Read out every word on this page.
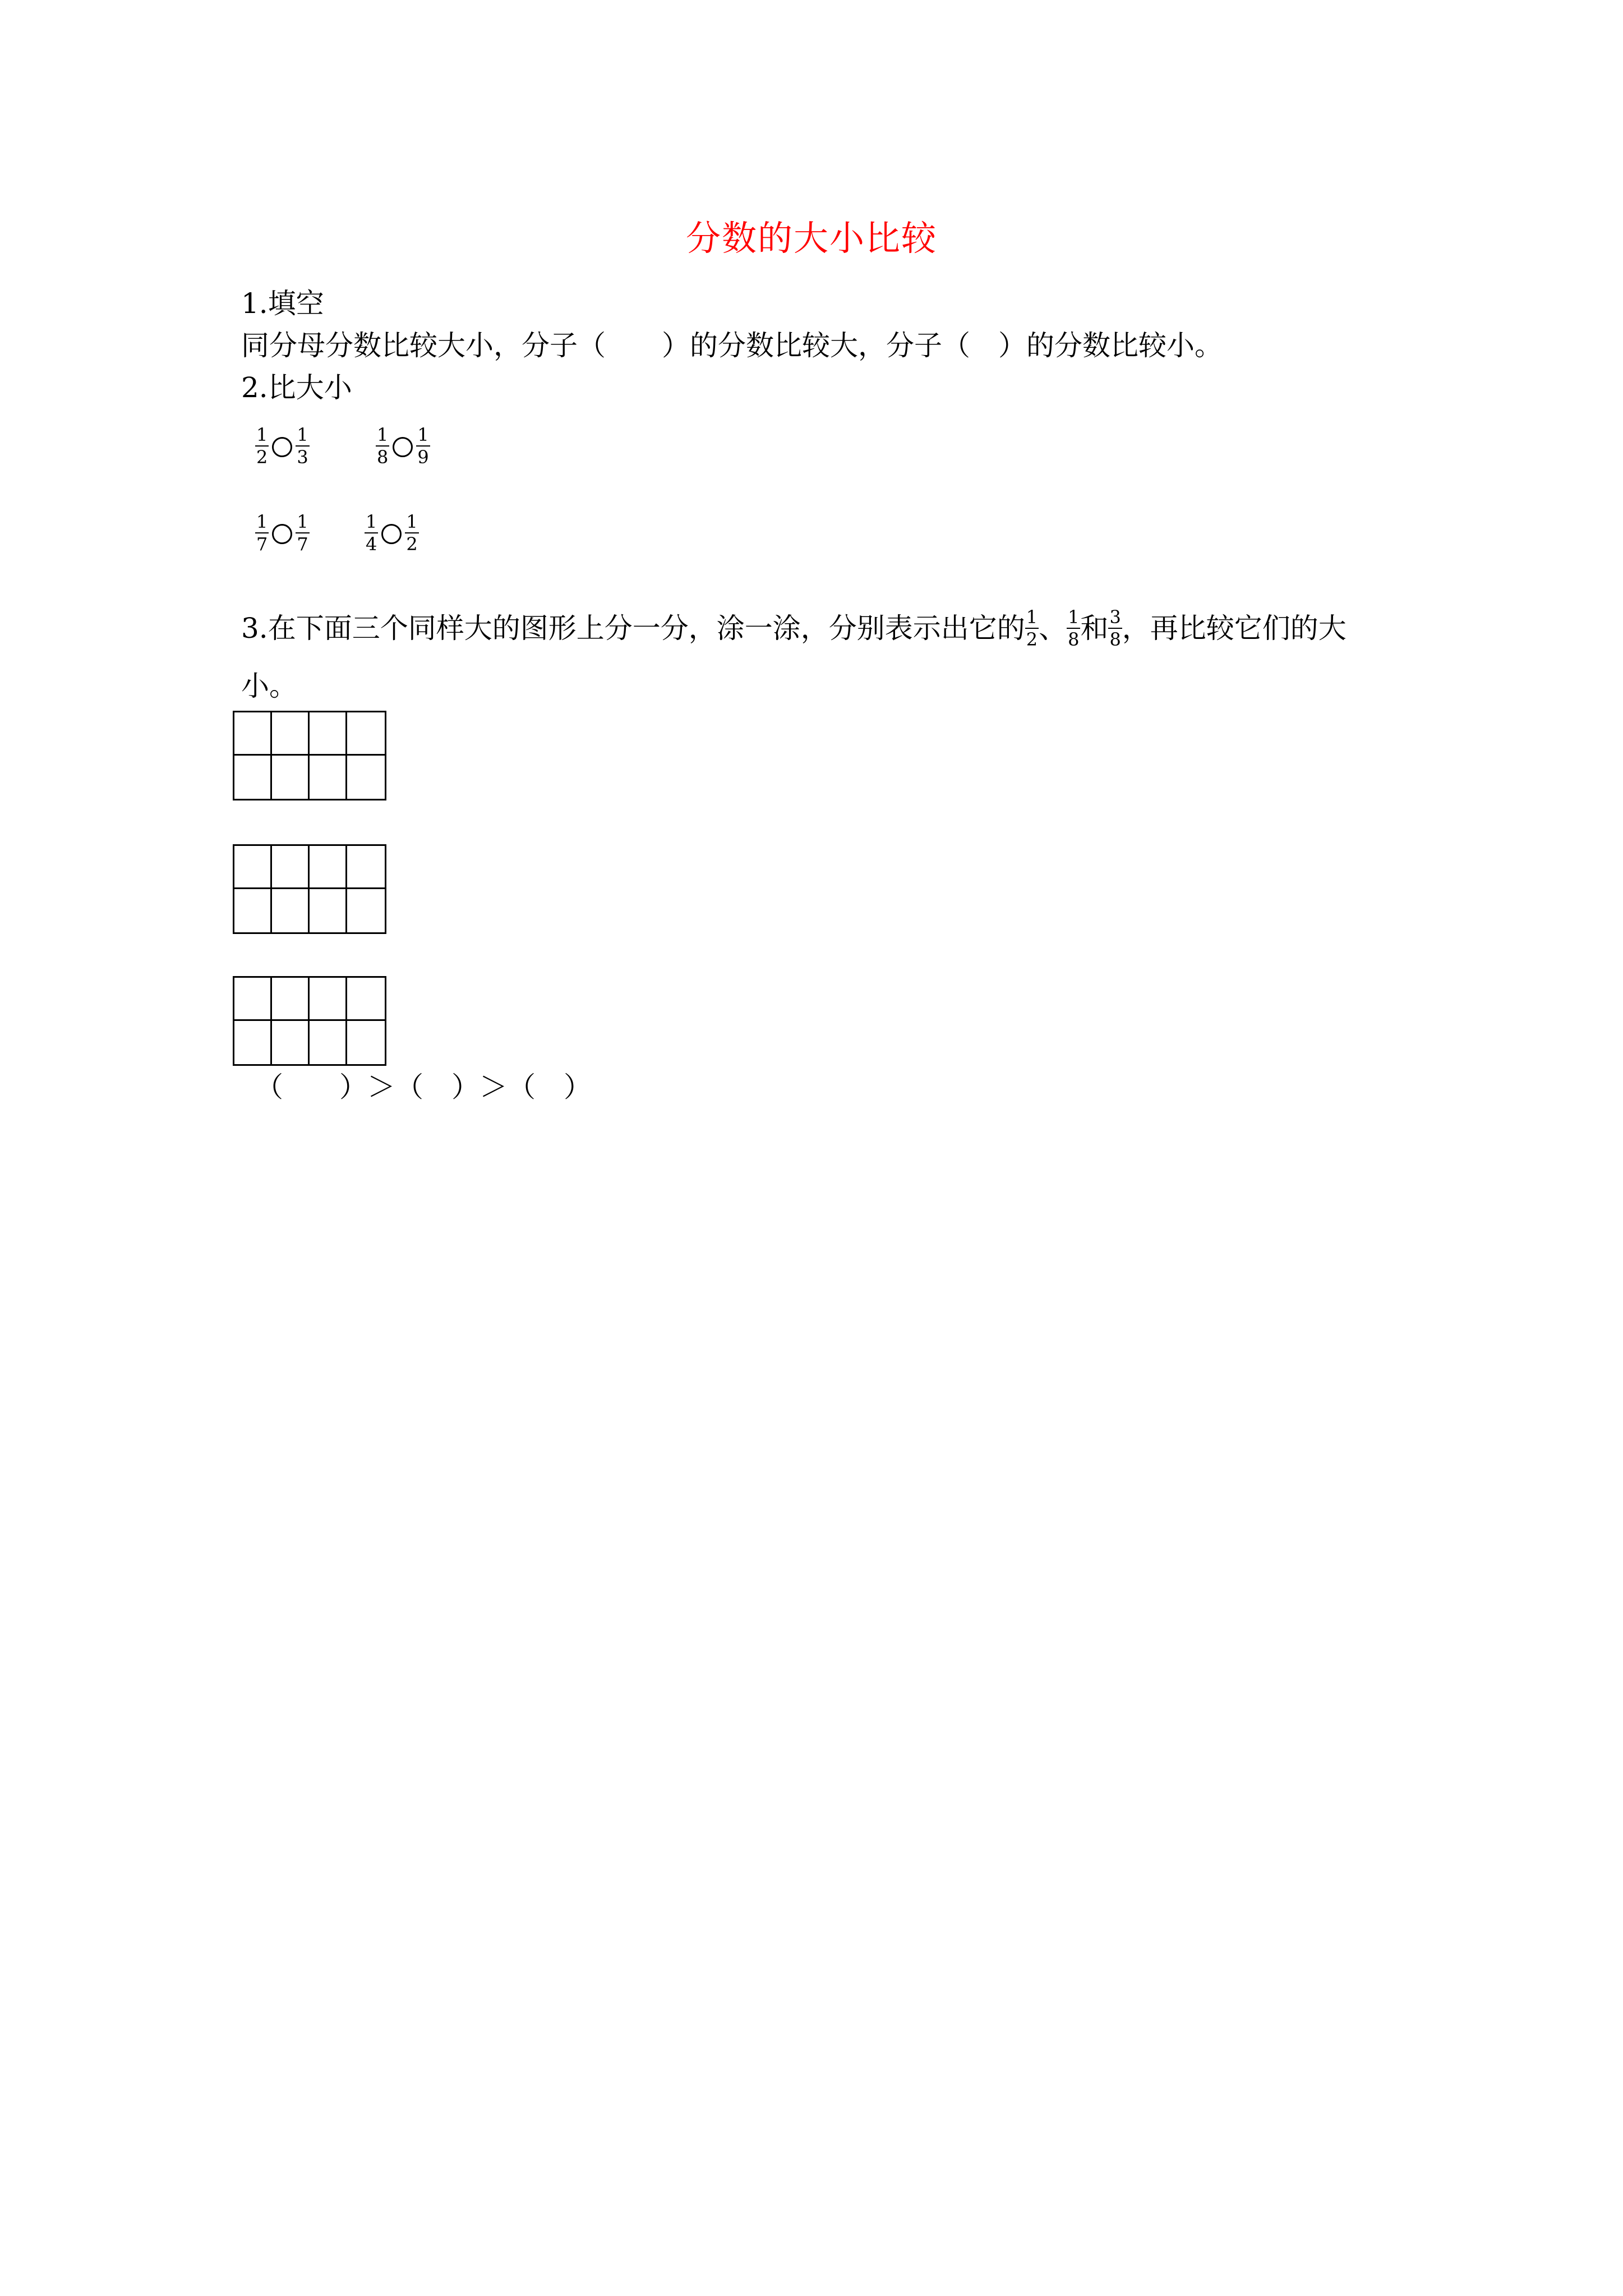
分数的大小比较
1.填空
同分母分数比较大小，分子（　　）的分数比较大，分子（　）的分数比较小。
2.比大小
$\frac{1}{2} \frac{1}{3}$	$\frac{1}{8} \frac{1}{9}$
$\frac{1}{7} \frac{1}{7}$	$\frac{1}{4} \frac{1}{2}$
3.在下面三个同样大的图形上分一分，涂一涂，分别表示出它的 $\frac{1}{2}$ 、 $\frac{1}{8}$ 和 $\frac{3}{8}$ ，再比较它们的大
小。
（　　）＞（　）＞（　）
